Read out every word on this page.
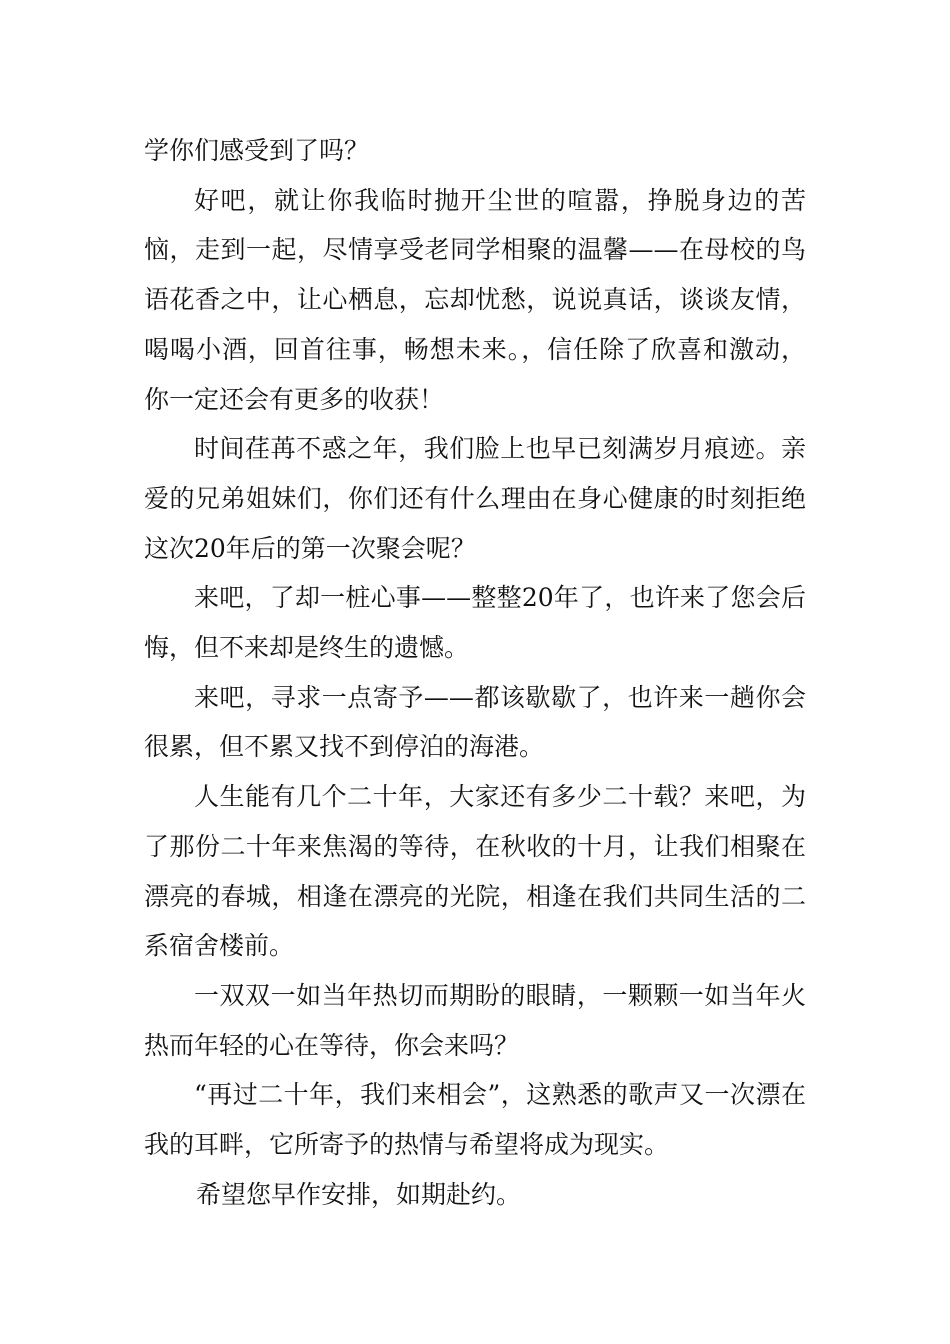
学你们感受到了吗？

好吧，就让你我临时抛开尘世的喧嚣，挣脱身边的苦恼，走到一起，尽情享受老同学相聚的温馨——在母校的鸟语花香之中，让心栖息，忘却忧愁，说说真话，谈谈友情，喝喝小酒，回首往事，畅想未来。，信任除了欣喜和激动，你一定还会有更多的收获！

时间荏苒不惑之年，我们脸上也早已刻满岁月痕迹。亲爱的兄弟姐妹们，你们还有什么理由在身心健康的时刻拒绝这次20年后的第一次聚会呢？

来吧，了却一桩心事——整整20年了，也许来了您会后悔，但不来却是终生的遗憾。

来吧，寻求一点寄予——都该歇歇了，也许来一趟你会很累，但不累又找不到停泊的海港。

人生能有几个二十年，大家还有多少二十载？来吧，为了那份二十年来焦渴的等待，在秋收的十月，让我们相聚在漂亮的春城，相逢在漂亮的光院，相逢在我们共同生活的二系宿舍楼前。

一双双一如当年热切而期盼的眼睛，一颗颗一如当年火热而年轻的心在等待，你会来吗？

“再过二十年，我们来相会”，这熟悉的歌声又一次漂在我的耳畔，它所寄予的热情与希望将成为现实。

希望您早作安排，如期赴约。
